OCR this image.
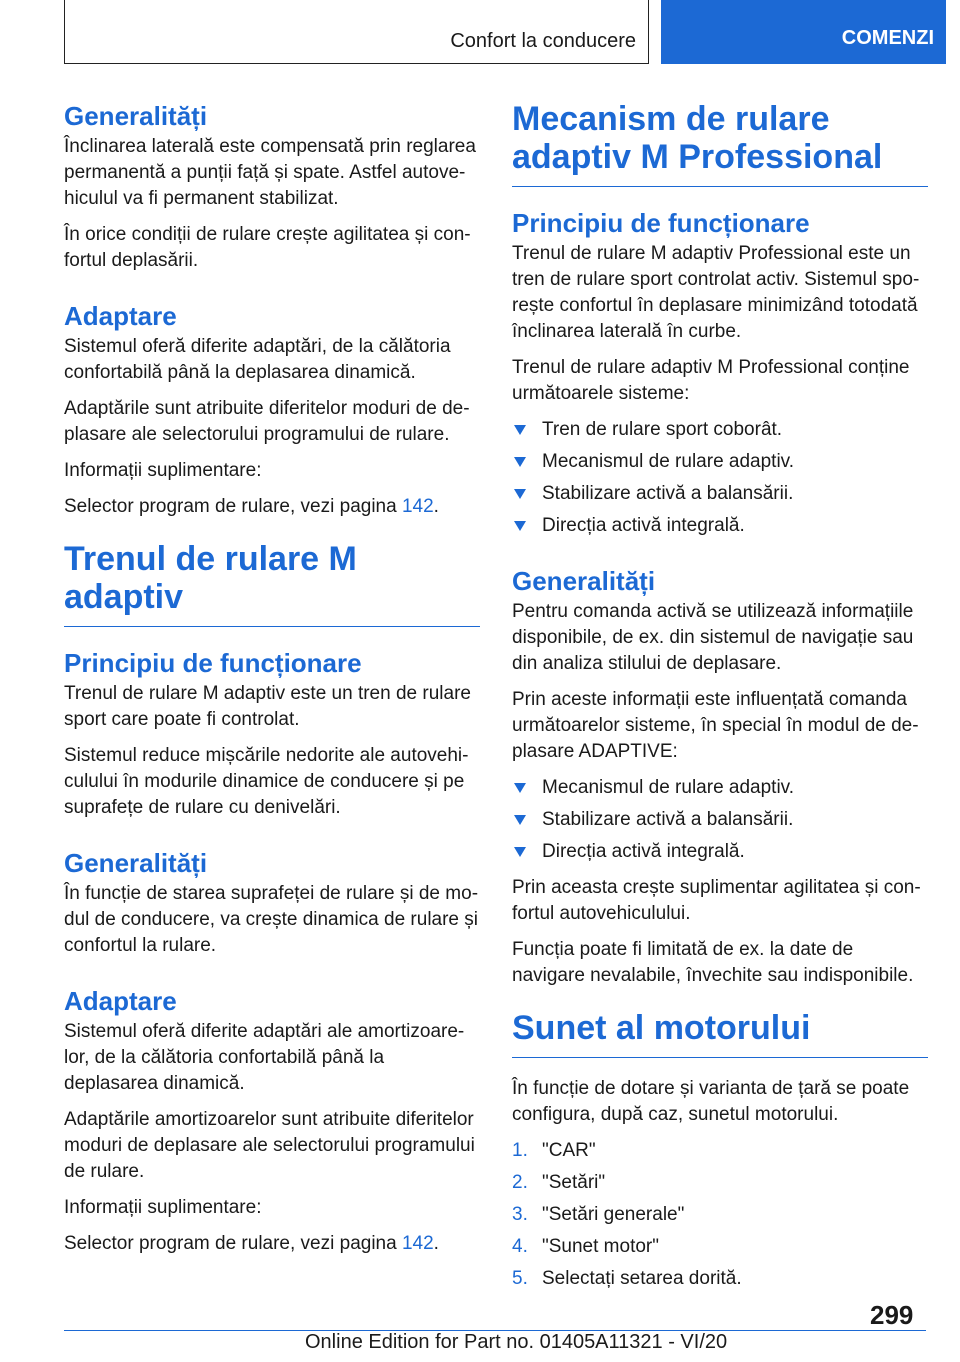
Confort la conducere	COMENZI
Generalități

Înclinarea laterală este compensată prin reglarea permanentă a punții față și spate. Astfel autovehiculul va fi permanent stabilizat.

În orice condiții de rulare crește agilitatea și confortul deplasării.

Adaptare

Sistemul oferă diferite adaptări, de la călătoria confortabilă până la deplasarea dinamică.

Adaptările sunt atribuite diferitelor moduri de deplasare ale selectorului programului de rulare.

Informații suplimentare:

Selector program de rulare, vezi pagina 142.

Trenul de rulare M adaptiv
Principiu de funcționare

Trenul de rulare M adaptiv este un tren de rulare sport care poate fi controlat.

Sistemul reduce mișcările nedorite ale autovehiculului în modurile dinamice de conducere și pe suprafețe de rulare cu denivelări.

Generalități

În funcție de starea suprafeței de rulare și de modul de conducere, va crește dinamica de rulare și confortul la rulare.

Adaptare

Sistemul oferă diferite adaptări ale amortizoarelor, de la călătoria confortabilă până la deplasarea dinamică.

Adaptările amortizoarelor sunt atribuite diferitelor moduri de deplasare ale selectorului programului de rulare.

Informații suplimentare:

Selector program de rulare, vezi pagina 142.

Mecanism de rulare adaptiv M Professional
Principiu de funcționare

Trenul de rulare M adaptiv Professional este un tren de rulare sport controlat activ. Sistemul sporește confortul în deplasare minimizând totodată înclinarea laterală în curbe.

Trenul de rulare adaptiv M Professional conține următoarele sisteme:

Tren de rulare sport coborât.
Mecanismul de rulare adaptiv.
Stabilizare activă a balansării.
Direcția activă integrală.
Generalități

Pentru comanda activă se utilizează informațiile disponibile, de ex. din sistemul de navigație sau din analiza stilului de deplasare.

Prin aceste informații este influențată comanda următoarelor sisteme, în special în modul de deplasare ADAPTIVE:

Mecanismul de rulare adaptiv.
Stabilizare activă a balansării.
Direcția activă integrală.

Prin aceasta crește suplimentar agilitatea și confortul autovehiculului.

Funcția poate fi limitată de ex. la date de navigare nevalabile, învechite sau indisponibile.

Sunet al motorului

În funcție de dotare și varianta de țară se poate configura, după caz, sunetul motorului.

1. "CAR"
2. "Setări"
3. "Setări generale"
4. "Sunet motor"
5. Selectați setarea dorită.
299
Online Edition for Part no. 01405A11321 - VI/20
